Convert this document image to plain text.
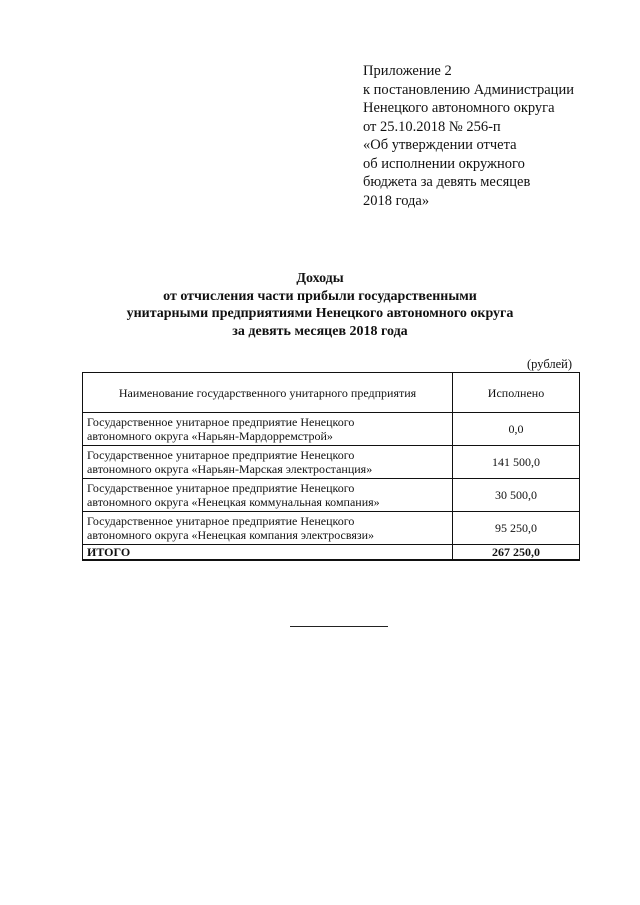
Приложение 2
к постановлению Администрации
Ненецкого автономного округа
от 25.10.2018 № 256-п
«Об утверждении отчета
об исполнении окружного
бюджета за девять месяцев
2018 года»
Доходы
от отчисления части прибыли государственными
унитарными предприятиями Ненецкого автономного округа
за девять месяцев 2018 года
(рублей)
Наименование государственного унитарного предприятия	Исполнено

Государственное унитарное предприятие Ненецкого
автономного округа «Нарьян-Мардорремстрой»	0,0

Государственное унитарное предприятие Ненецкого
автономного округа «Нарьян-Марская электростанция»	141 500,0

Государственное унитарное предприятие Ненецкого
автономного округа «Ненецкая коммунальная компания»	30 500,0

Государственное унитарное предприятие Ненецкого
автономного округа «Ненецкая компания электросвязи»	95 250,0
ИТОГО	267 250,0
